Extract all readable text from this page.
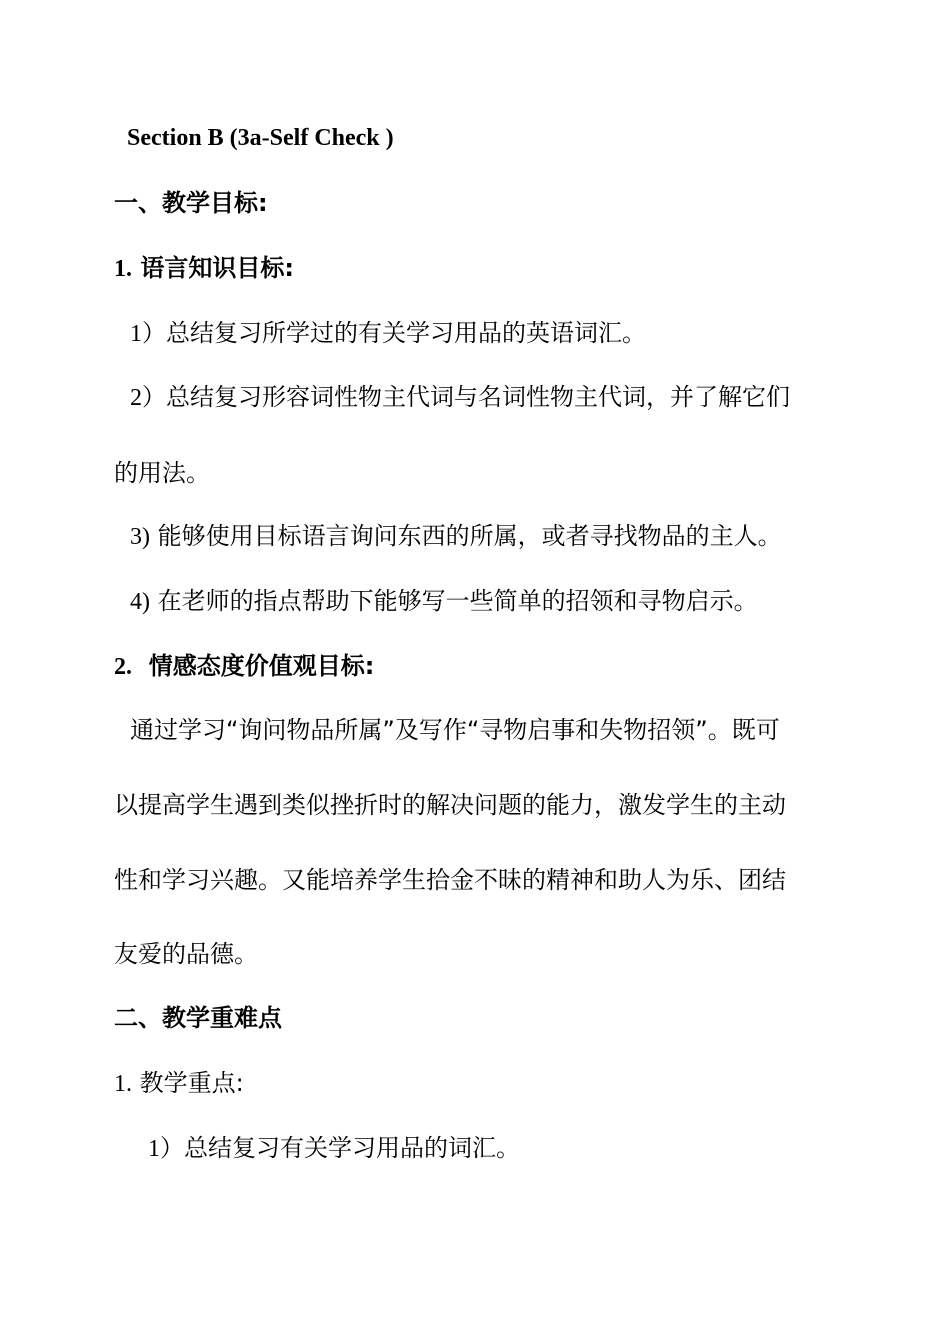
Section B (3a-Self Check )
一、教学目标:
1. 语言知识目标:
1）总结复习所学过的有关学习用品的英语词汇。
2）总结复习形容词性物主代词与名词性物主代词，并了解它们
的用法。
3) 能够使用目标语言询问东西的所属，或者寻找物品的主人。
4) 在老师的指点帮助下能够写一些简单的招领和寻物启示。
2. 情感态度价值观目标:
通过学习“询问物品所属”及写作“寻物启事和失物招领”。既可
以提高学生遇到类似挫折时的解决问题的能力，激发学生的主动
性和学习兴趣。又能培养学生拾金不昧的精神和助人为乐、团结
友爱的品德。
二、教学重难点
1. 教学重点:
1）总结复习有关学习用品的词汇。
